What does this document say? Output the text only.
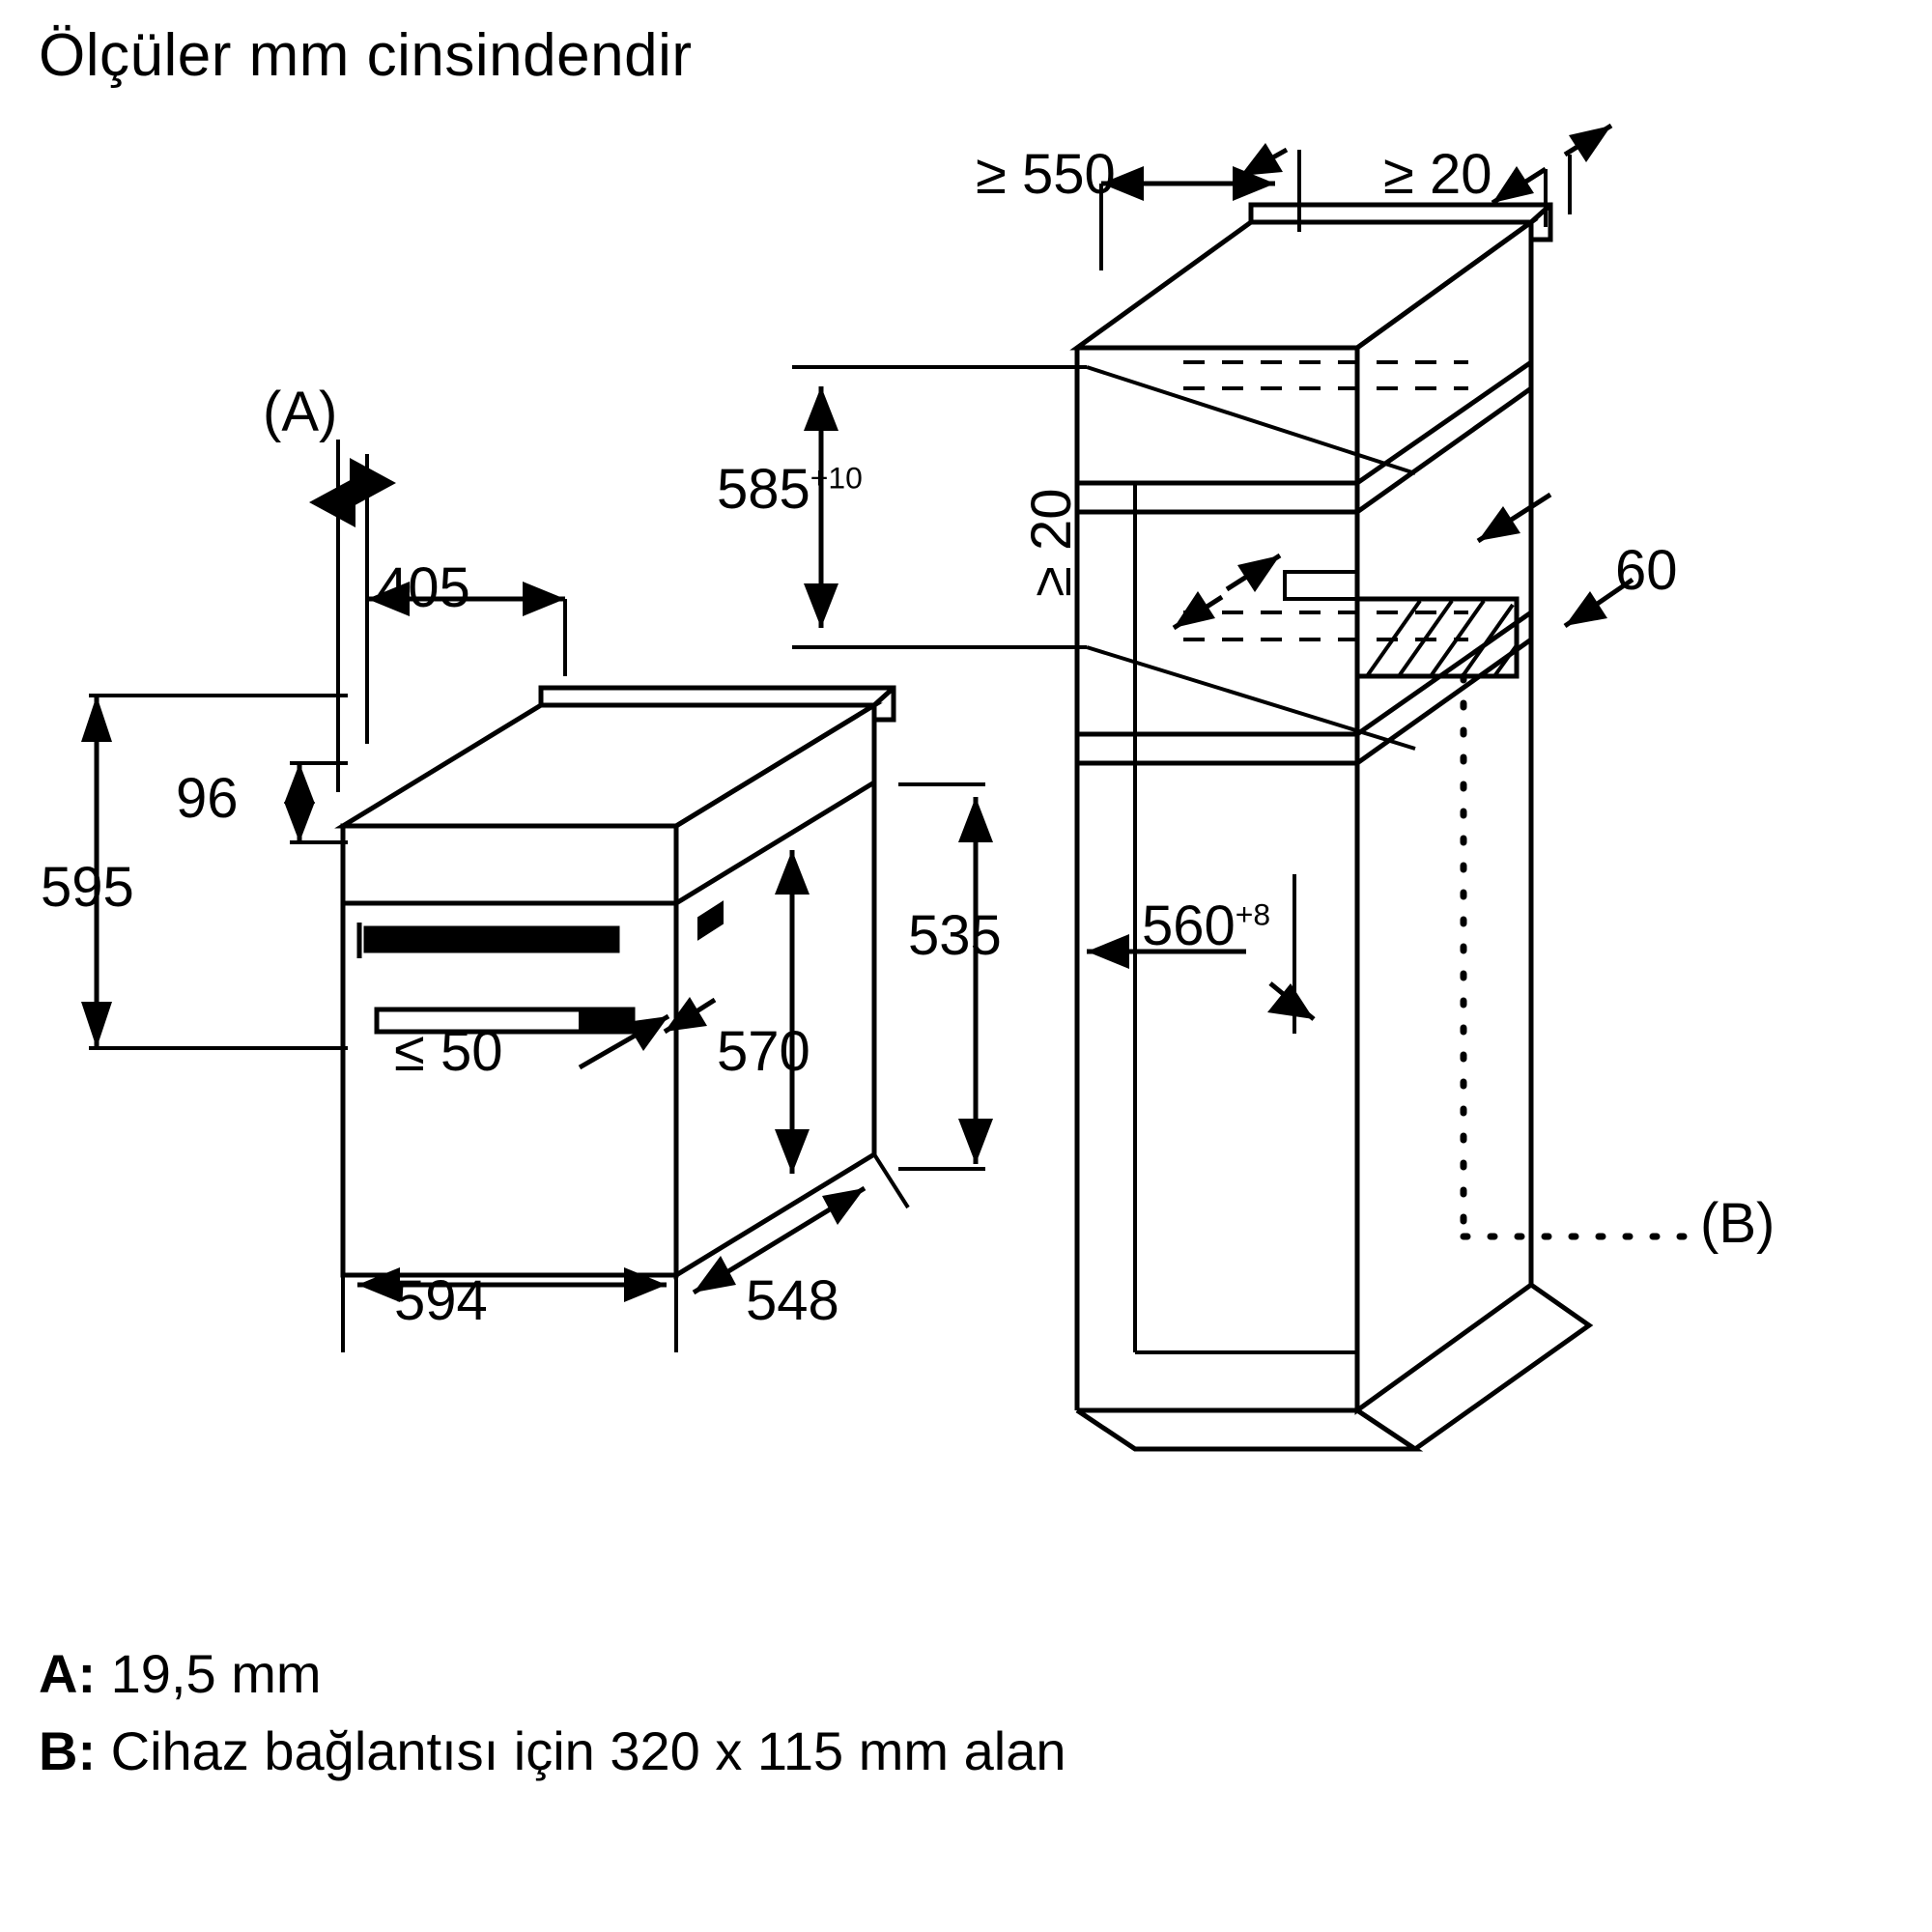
Ölçüler mm cinsindendir
(A)
405
96
595
≤ 50	570
594	548
535
≥ 550	≥ 20
$585^{+10}$
≥ 20	60
$560^{+8}$
(B)
A: 19,5 mm
B: Cihaz bağlantısı için 320 x 115 mm alan
